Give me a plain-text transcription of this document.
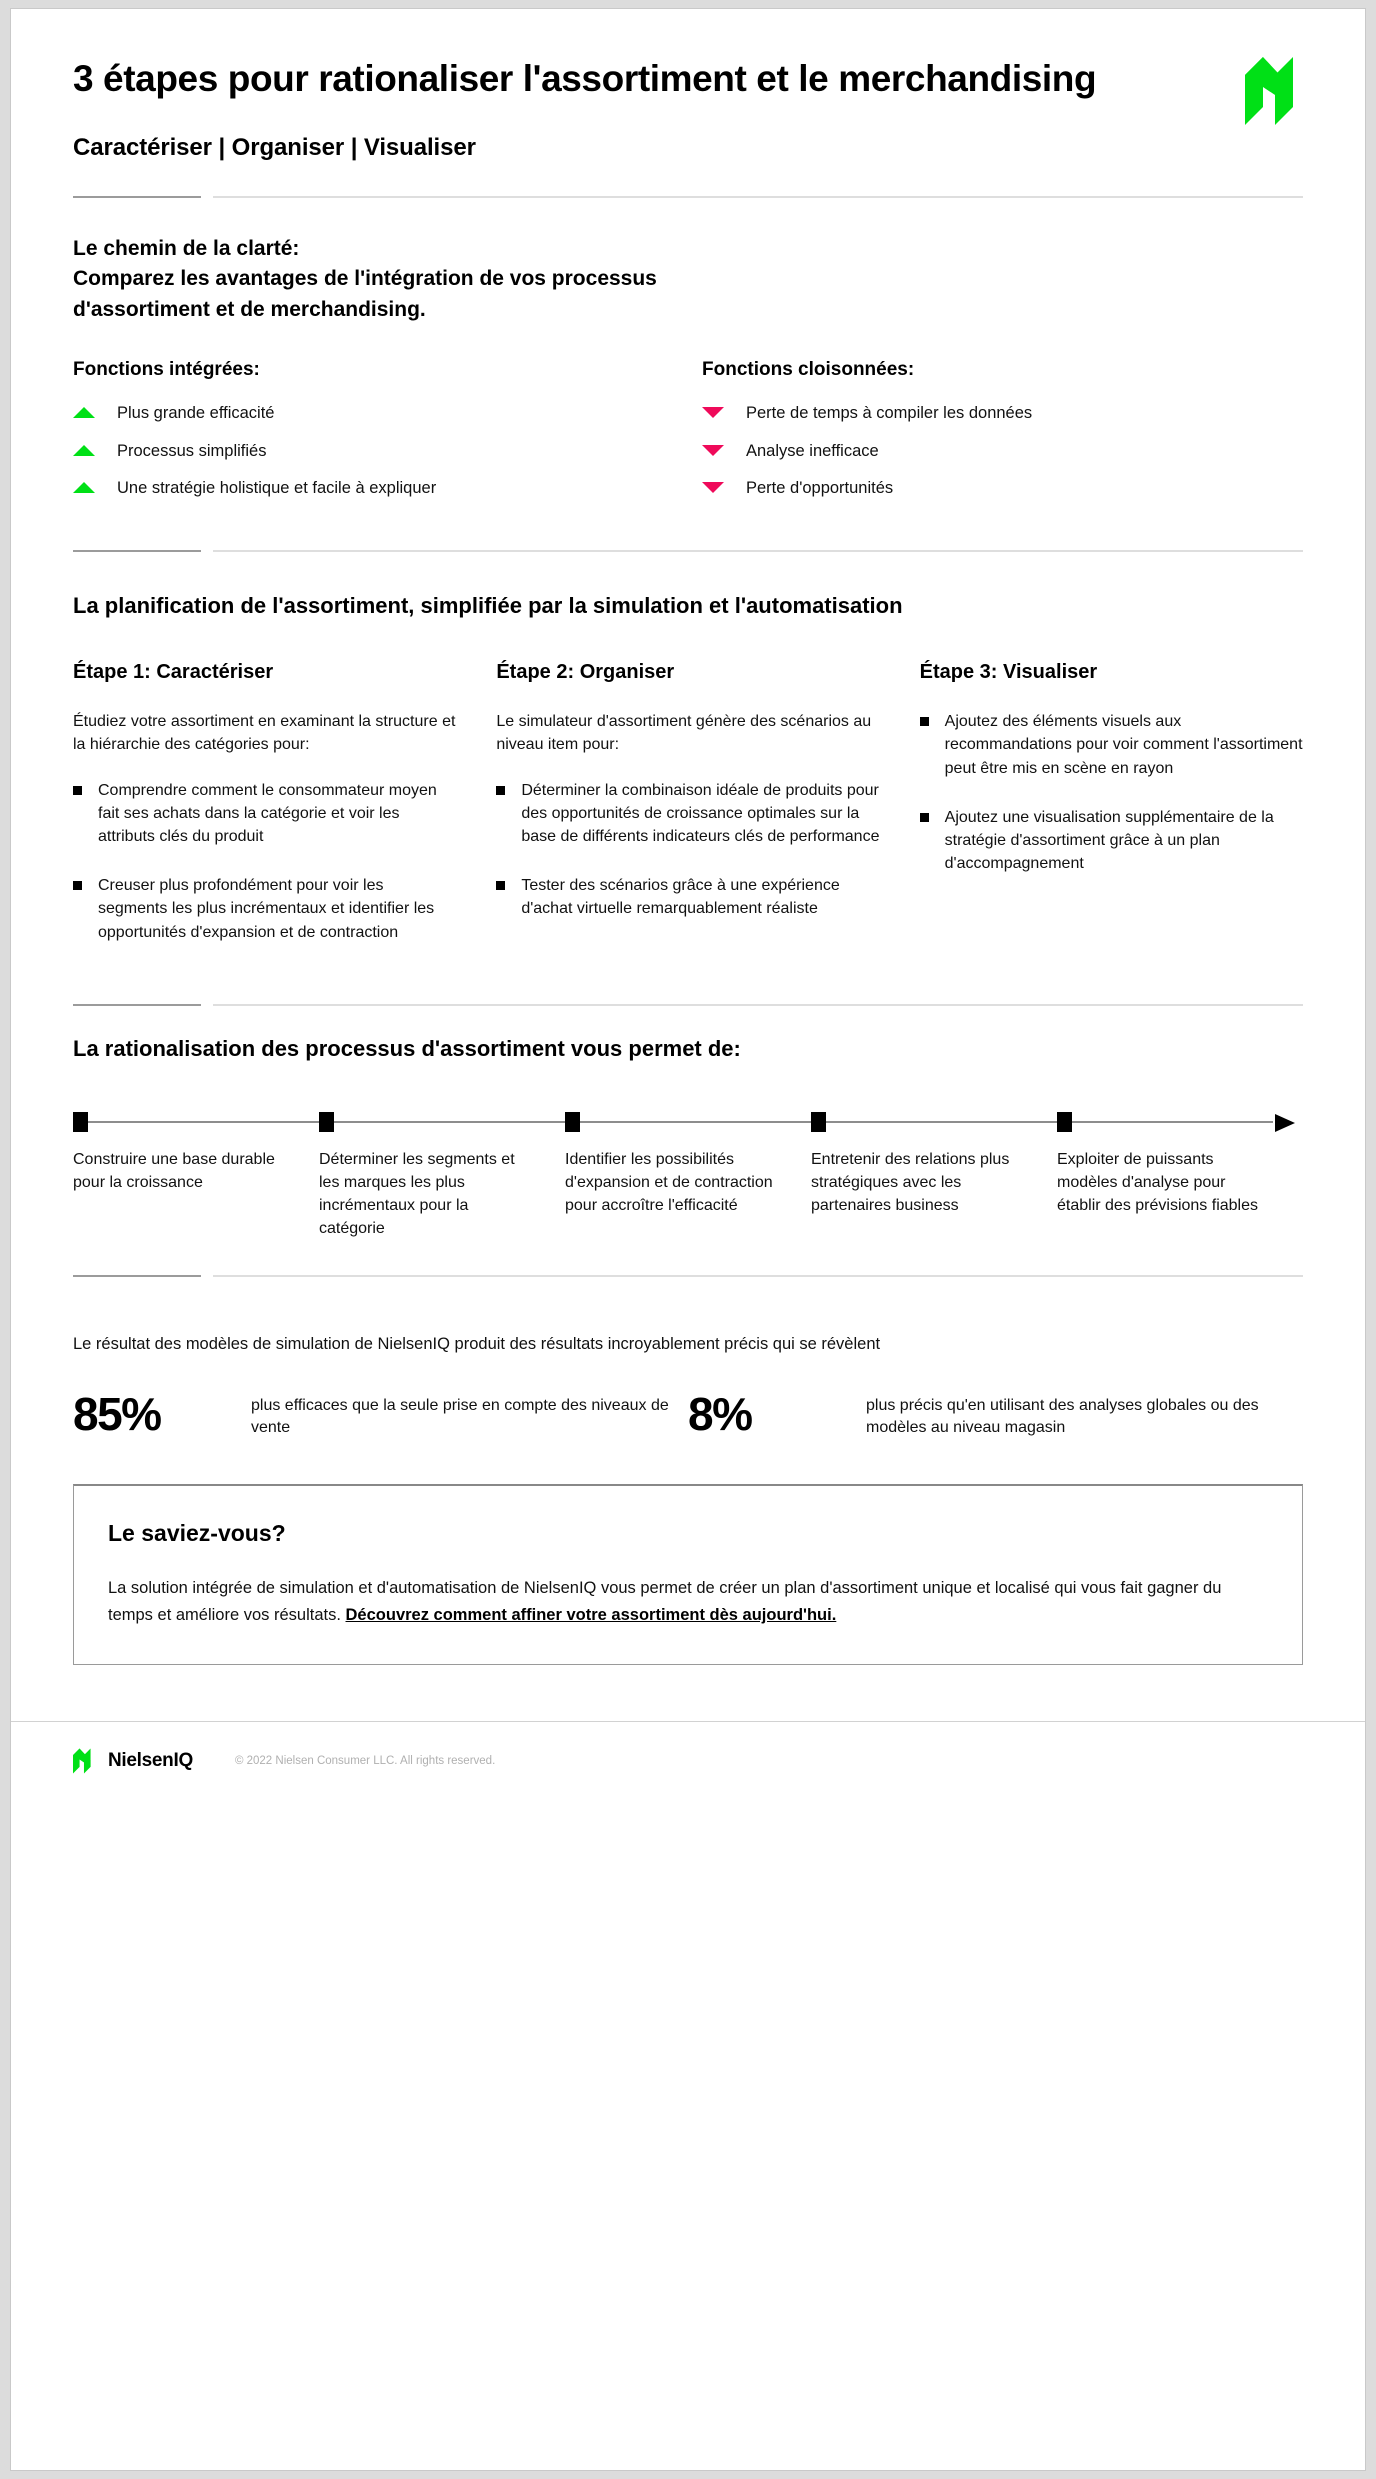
3 étapes pour rationaliser l'assortiment et le merchandising
Caractériser | Organiser | Visualiser
Le chemin de la clarté:
Comparez les avantages de l'intégration de vos processus d'assortiment et de merchandising.
Fonctions intégrées:
Plus grande efficacité
Processus simplifiés
Une stratégie holistique et facile à expliquer
Fonctions cloisonnées:
Perte de temps à compiler les données
Analyse inefficace
Perte d'opportunités
La planification de l'assortiment, simplifiée par la simulation et l'automatisation
Étape 1: Caractériser
Étudiez votre assortiment en examinant la structure et la hiérarchie des catégories pour:
Comprendre comment le consommateur moyen fait ses achats dans la catégorie et voir les attributs clés du produit
Creuser plus profondément pour voir les segments les plus incrémentaux et identifier les opportunités d'expansion et de contraction
Étape 2: Organiser
Le simulateur d'assortiment génère des scénarios au niveau item pour:
Déterminer la combinaison idéale de produits pour des opportunités de croissance optimales sur la base de différents indicateurs clés de performance
Tester des scénarios grâce à une expérience d'achat virtuelle remarquablement réaliste
Étape 3: Visualiser
Ajoutez des éléments visuels aux recommandations pour voir comment l'assortiment peut être mis en scène en rayon
Ajoutez une visualisation supplémentaire de la stratégie d'assortiment grâce à un plan d'accompagnement
La rationalisation des processus d'assortiment vous permet de:
Construire une base durable pour la croissance
Déterminer les segments et les marques les plus incrémentaux pour la catégorie
Identifier les possibilités d'expansion et de contraction pour accroître l'efficacité
Entretenir des relations plus stratégiques avec les partenaires business
Exploiter de puissants modèles d'analyse pour établir des prévisions fiables
Le résultat des modèles de simulation de NielsenIQ produit des résultats incroyablement précis qui se révèlent
85%	plus efficaces que la seule prise en compte des niveaux de vente	8%	plus précis qu'en utilisant des analyses globales ou des modèles au niveau magasin
Le saviez-vous?
La solution intégrée de simulation et d'automatisation de NielsenIQ vous permet de créer un plan d'assortiment unique et localisé qui vous fait gagner du temps et améliore vos résultats. Découvrez comment affiner votre assortiment dès aujourd'hui.
NielsenIQ	© 2022 Nielsen Consumer LLC. All rights reserved.
